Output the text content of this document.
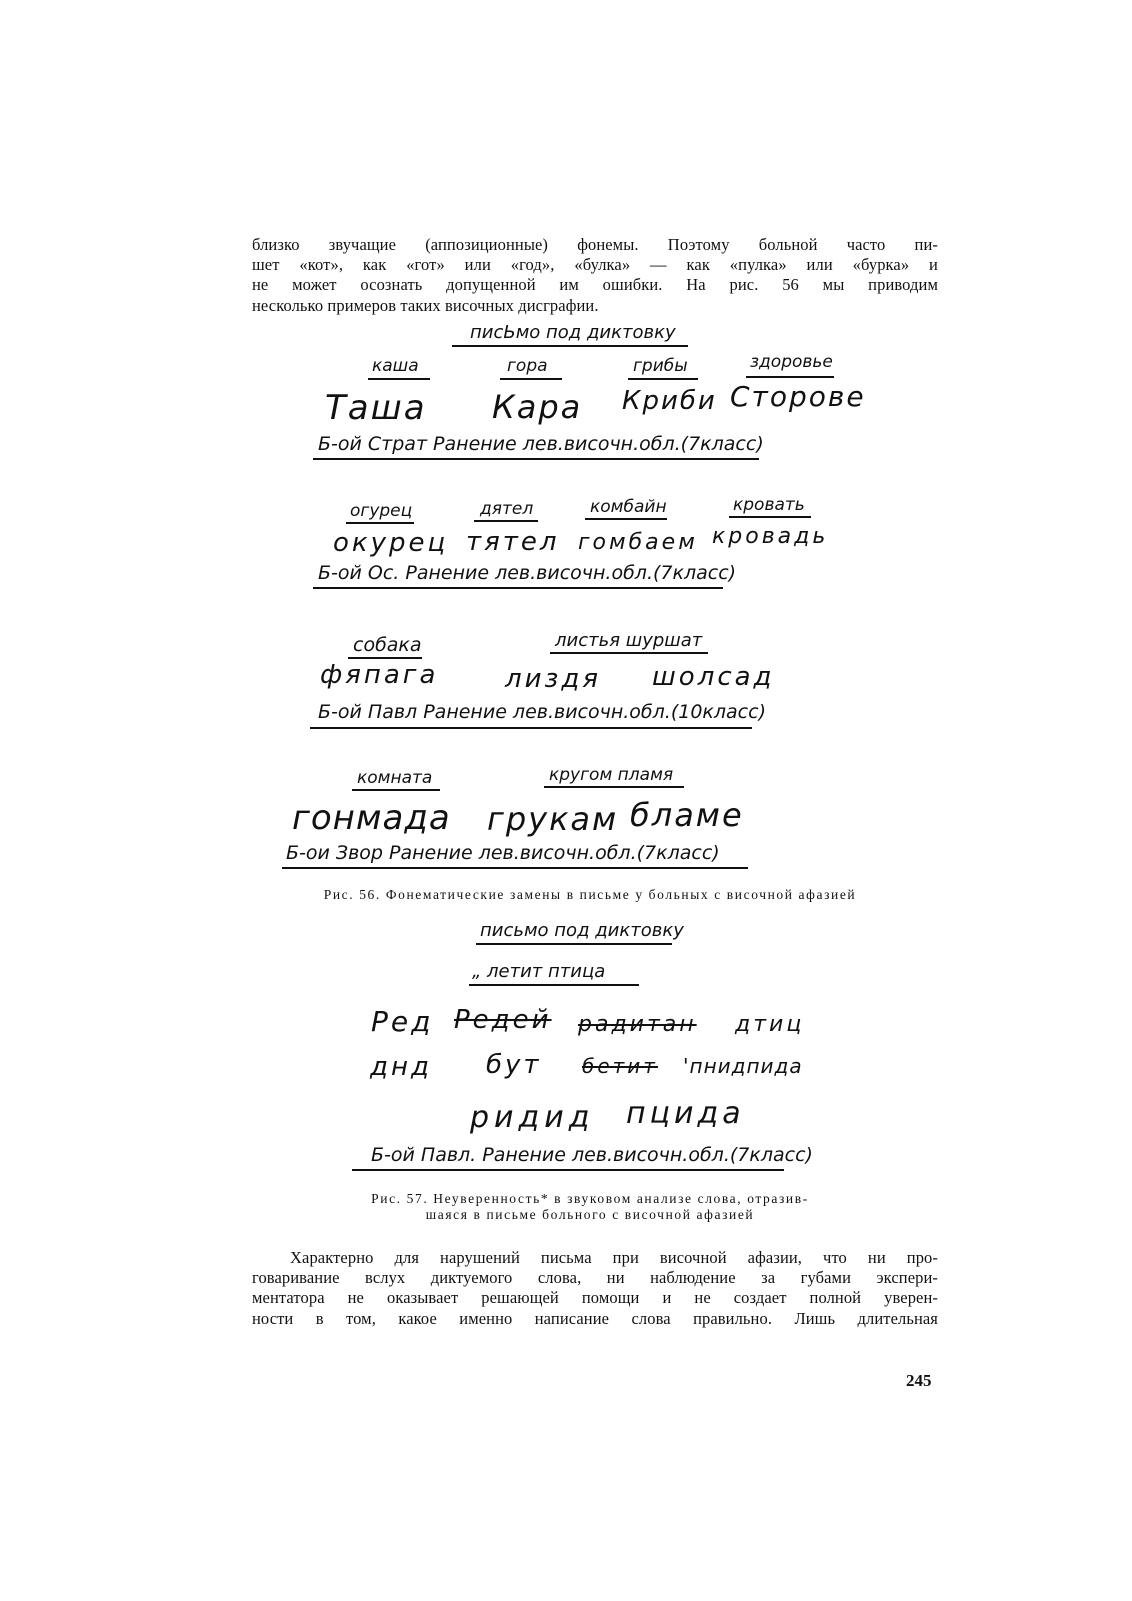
близко звучащие (аппозиционные) фонемы. Поэтому больной часто пи-
шет «кот», как «гот» или «год», «булка» — как «пулка» или «бурка» и
не может осознать допущенной им ошибки. На рис. 56 мы приводим
несколько примеров таких височных дисграфии.
писЬмо под диктовку
каша	гора	грибы	здоровье
Таша Кара Криби Сторове
Б-ой Страт Ранение лев.височн.обл.(7класс)
огурец	дятел	комбайн	кровать
окурец тятел гомбаем кровадь
Б-ой Ос. Ранение лев.височн.обл.(7класс)
собака	листья шуршат
фяпага	лиздя шолсад
Б-ой Павл Ранение лев.височн.обл.(10класс)
комната	кругом пламя
гонмада грукам бламе
Б-ои Звор Ранение лев.височн.обл.(7класс)
Рис. 56. Фонематические замены в письме у больных с височной афазией
письмо под диктовку
„ летит птица
Ред Редей радитан дтиц
днд бут бетит 'пнидпида
ридид пцида
Б-ой Павл. Ранение лев.височн.обл.(7класс)
Рис. 57. Неуверенность* в звуковом анализе слова, отразив-
шаяся в письме больного с височной афазией
Характерно для нарушений письма при височной афазии, что ни про-
говаривание вслух диктуемого слова, ни наблюдение за губами экспери-
ментатора не оказывает решающей помощи и не создает полной уверен-
ности в том, какое именно написание слова правильно. Лишь длительная
245
